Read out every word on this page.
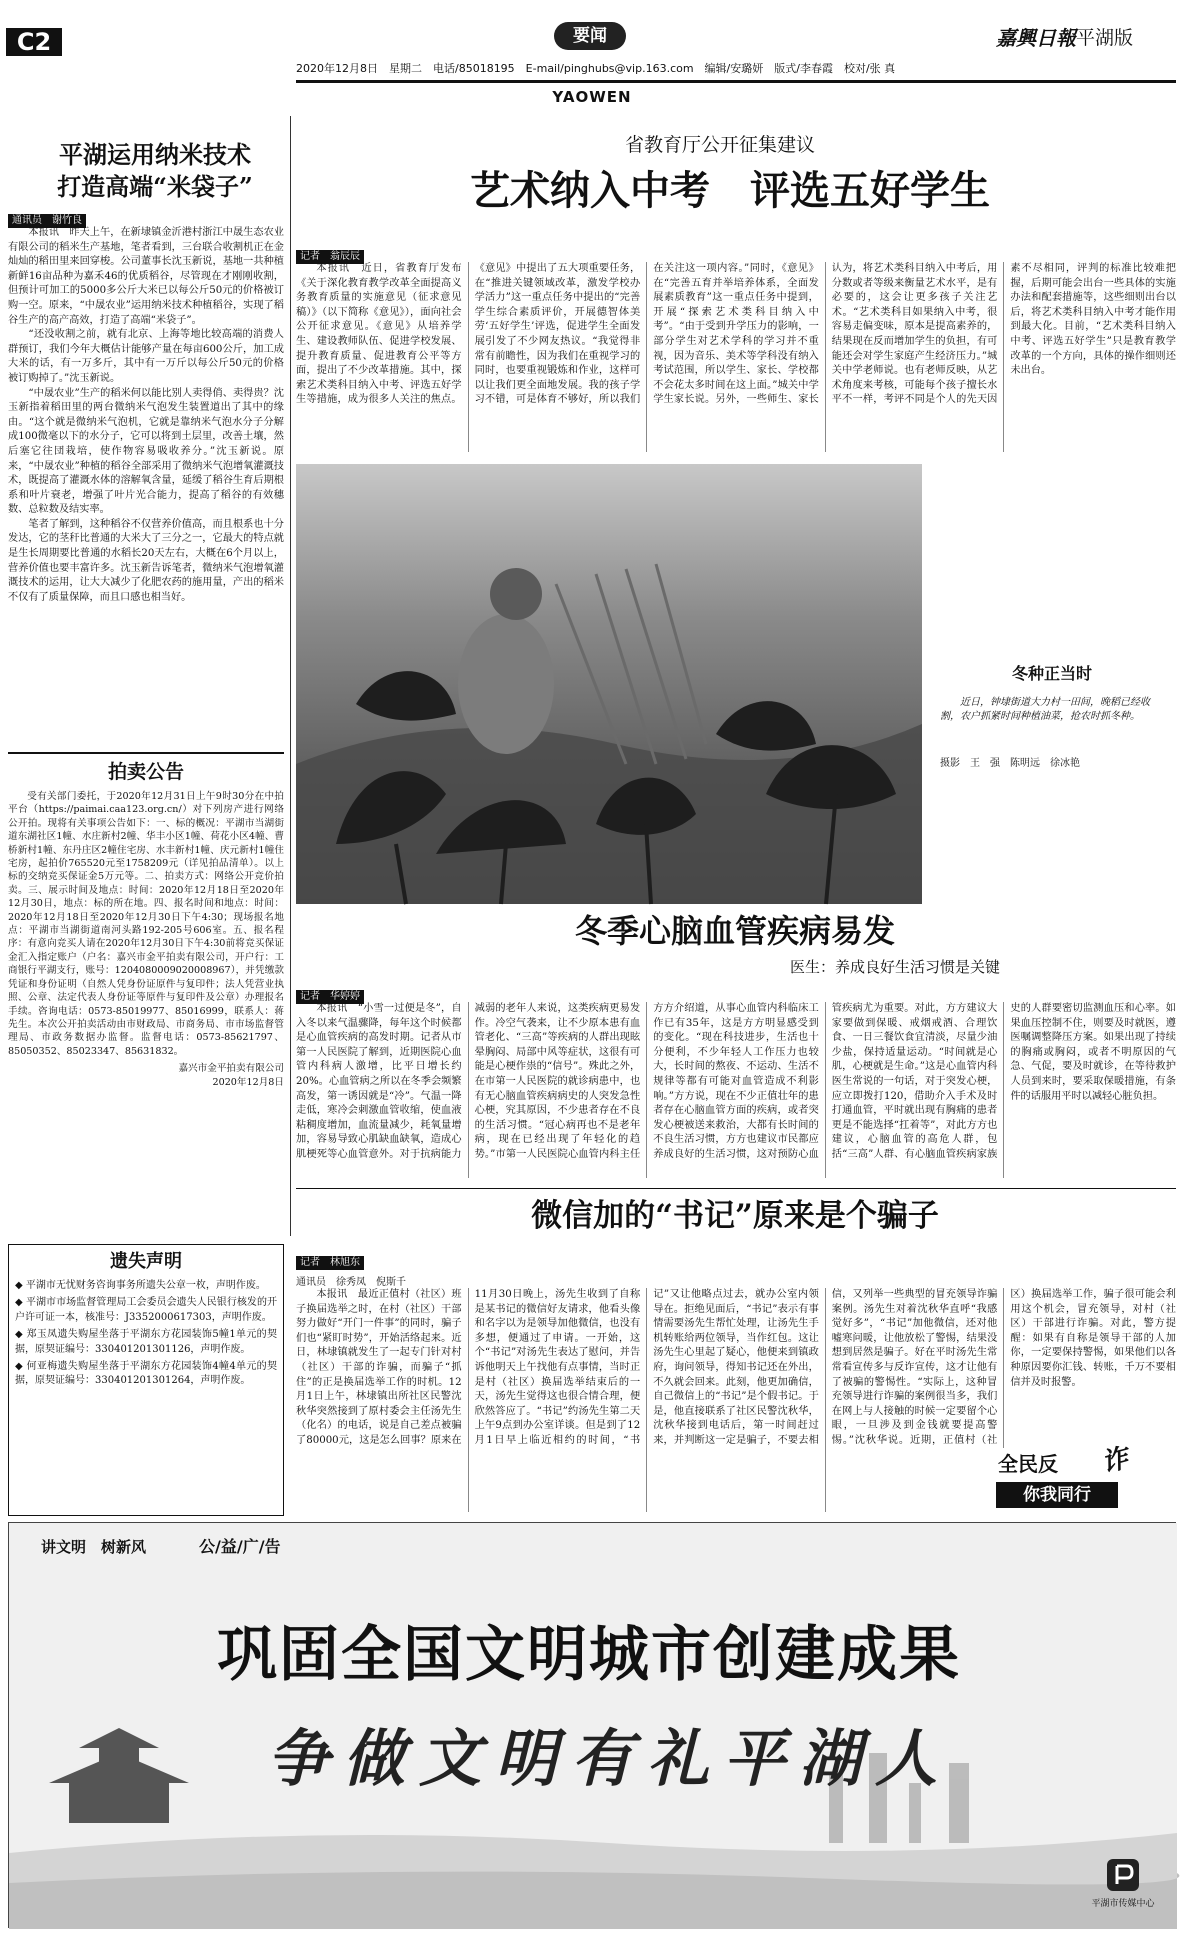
C2	要闻
2020年12月8日　星期二　电话/85018195　E-mail/pinghubs@vip.163.com　编辑/安璐妍　版式/李春霞　校对/张 真
嘉興日報 平湖版
YAOWEN
平湖运用纳米技术
打造高端“米袋子”
通讯员　谢竹良

本报讯　昨天上午，在新埭镇金沂港村浙江中晟生态农业有限公司的稻米生产基地，笔者看到，三台联合收割机正在金灿灿的稻田里来回穿梭。公司董事长沈玉新说，基地一共种植新鲜16亩品种为嘉禾46的优质稻谷，尽管现在才刚刚收割，但预计可加工的5000多公斤大米已以每公斤50元的价格被订购一空。原来，“中晟农业”运用纳米技术种植稻谷，实现了稻谷生产的高产高效，打造了高端“米袋子”。

“还没收割之前，就有北京、上海等地比较高端的消费人群预订，我们今年大概估计能够产量在每亩600公斤，加工成大米的话，有一万多斤，其中有一万斤以每公斤50元的价格被订购掉了。”沈玉新说。

“中晟农业”生产的稻米何以能比别人卖得俏、卖得贵？沈玉新指着稻田里的两台微纳米气泡发生装置道出了其中的缘由。“这个就是微纳米气泡机，它就是靠纳米气泡水分子分解成100微毫以下的水分子，它可以将到土层里，改善土壤，然后塞它往団栽培，使作物容易吸收养分。”沈玉新说。原来，“中晟农业”种植的稻谷全部采用了微纳米气泡增氧灌溉技术，既提高了灌溉水体的溶解氧含量，延缓了稻谷生育后期根系和叶片衰老，增强了叶片光合能力，提高了稻谷的有效穗数、总粒数及结实率。

笔者了解到，这种稻谷不仅营养价值高，而且根系也十分发达，它的茎秆比普通的大米大了三分之一，它最大的特点就是生长周期要比普通的水稻长20天左右，大概在6个月以上，营养价值也要丰富许多。沈玉新告诉笔者，微纳米气泡增氧灌溉技术的运用，让大大减少了化肥农药的施用量，产出的稻米不仅有了质量保障，而且口感也相当好。

拍卖公告

受有关部门委托，于2020年12月31日上午9时30分在中拍平台（https://paimai.caa123.org.cn/）对下列房产进行网络公开拍。现将有关事项公告如下：一、标的概况：平湖市当湖街道东湖社区1幢、水庄新村2幢、华丰小区1幢、荷花小区4幢、曹桥新村1幢、东丹庄区2幢住宅房、水丰新村1幢、庆元新村1幢住宅房，起拍价765520元至1758209元（详见拍品清单）。以上标的交纳竞买保证金5万元等。二、拍卖方式：网络公开竞价拍卖。三、展示时间及地点：时间：2020年12月18日至2020年12月30日，地点：标的所在地。四、报名时间和地点：时间：2020年12月18日至2020年12月30日下午4:30；现场报名地点：平湖市当湖街道南河头路192-205号606室。五、报名程序：有意向竞买人请在2020年12月30日下午4:30前将竞买保证金汇入指定账户（户名：嘉兴市金平拍卖有限公司，开户行：工商银行平湖支行，账号：1204080009020008967），并凭缴款凭证和身份证明（自然人凭身份证原件与复印件；法人凭营业执照、公章、法定代表人身份证等原件与复印件及公章）办理报名手续。咨询电话：0573-85019977、85016999，联系人：蒋先生。本次公开拍卖活动由市财政局、市商务局、市市场监督管理局、市政务数据办监督。监督电话：0573-85621797、85050352、85023347、85631832。

嘉兴市金平拍卖有限公司
2020年12月8日
遗失声明
◆ 平湖市无忧财务咨询事务所遗失公章一枚，声明作废。
◆ 平湖市市场监督管理局工会委员会遗失人民银行核发的开户许可证一本，核准号：J3352000617303，声明作废。
◆ 郑玉凤遗失购屋坐落于平湖东方花园装饰5幢1单元的契据，原契证编号：330401201301126，声明作废。
◆ 何亚梅遗失购屋坐落于平湖东方花园装饰4幢4单元的契据，原契证编号：330401201301264，声明作废。
省教育厅公开征集建议
艺术纳入中考　评选五好学生
记者　翁辰辰

本报讯　近日，省教育厅发布《关于深化教育教学改革全面提高义务教育质量的实施意见（征求意见稿）》（以下简称《意见》），面向社会公开征求意见。《意见》从培养学生、建设教师队伍、促进学校发展、提升教育质量、促进教育公平等方面，提出了不少改革措施。其中，探索艺术类科目纳入中考、评选五好学生等措施，成为很多人关注的焦点。《意见》中提出了五大项重要任务，在“推进关键领域改革，激发学校办学活力”这一重点任务中提出的“完善学生综合素质评价，开展德智体美劳‘五好学生’评选，促进学生全面发展引发了不少网友热议。“我觉得非常有前瞻性，因为我们在重视学习的同时，也要重视锻炼和作业，这样可以让我们更全面地发展。我的孩子学习不错，可是体育不够好，所以我们在关注这一项内容。”同时，《意见》在“完善五育并举培养体系，全面发展素质教育”这一重点任务中提到，开展“探索艺术类科目纳入中考”。“由于受到升学压力的影响，一部分学生对艺术学科的学习并不重视，因为音乐、美术等学科没有纳入考试范围，所以学生、家长、学校都不会花太多时间在这上面。”城关中学学生家长说。另外，一些师生、家长认为，将艺术类科目纳入中考后，用分数或者等级来衡量艺术水平，是有必要的，这会让更多孩子关注艺术。“艺术类科目如果纳入中考，很容易走偏变味，原本是提高素养的，结果现在反而增加学生的负担，有可能还会对学生家庭产生经济压力。”城关中学老师说。也有老师反映，从艺术角度来考核，可能每个孩子擅长水平不一样，考评不同是个人的先天因素不尽相同，评判的标准比较难把握，后期可能会出台一些具体的实施办法和配套措施等，这些细则出台以后，将艺术类科目纳入中考才能作用到最大化。目前，“艺术类科目纳入中考、评选五好学生”只是教育教学改革的一个方向，具体的操作细则还未出台。

冬种正当时
近日，钟埭街道大力村一田间，晚稻已经收割，农户抓紧时间种植油菜，抢农时抓冬种。
摄影　王　强　陈明远　徐冰艳
冬季心脑血管疾病易发
医生：养成良好生活习惯是关键
记者　华婷婷

本报讯　“小雪一过便是冬”，自入冬以来气温骤降，每年这个时候都是心血管疾病的高发时期。记者从市第一人民医院了解到，近期医院心血管内科病人激增，比平日增长约20%。心血管病之所以在冬季会频繁高发，第一诱因就是“冷”。气温一降走低，寒冷会刺激血管收缩，使血液粘稠度增加，血流量减少，耗氧量增加，容易导致心肌缺血缺氧，造成心肌梗死等心血管意外。对于抗病能力减弱的老年人来说，这类疾病更易发作。冷空气袭来，让不少原本患有血管老化、“三高”等疾病的人群出现眩晕胸闷、局部中风等症状，这很有可能是心梗作祟的“信号”。殊此之外，在市第一人民医院的就诊病患中，也有无心脑血管疾病病史的人突发急性心梗，究其原因，不少患者存在不良的生活习惯。“冠心病再也不是老年病，现在已经出现了年轻化的趋势。”市第一人民医院心血管内科主任方方介绍道，从事心血管内科临床工作已有35年，这是方方明显感受到的变化。“现在科技进步，生活也十分便利，不少年轻人工作压力也较大，长时间的熬夜、不运动、生活不规律等都有可能对血管造成不利影响。”方方说，现在不少正值壮年的患者存在心脑血管方面的疾病，或者突发心梗被送来救治，大都有长时间的不良生活习惯，方方也建议市民都应养成良好的生活习惯，这对预防心血管疾病尤为重要。对此，方方建议大家要做到保暖、戒烟戒酒、合理饮食、一日三餐饮食宜清淡，尽量少油少盐，保持适量运动。“时间就是心肌，心梗就是生命。”这是心血管内科医生常说的一句话，对于突发心梗，应立即拨打120，借助介入手术及时打通血管，平时就出现有胸痛的患者更是不能选择“扛着等”，对此方方也建议，心脑血管的高危人群，包括“三高”人群、有心脑血管疾病家族史的人群要密切监测血压和心率。如果血压控制不住，则要及时就医，遵医嘱调整降压方案。如果出现了持续的胸痛或胸闷，或者不明原因的气急、气促，要及时就诊，在等待救护人员到来时，要采取保暖措施，有条件的话服用平时以减轻心脏负担。

微信加的“书记”原来是个骗子
记者　林旭东
通讯员　徐秀凤　倪斯千

本报讯　最近正值村（社区）班子换届选举之时，在村（社区）干部努力做好“开门一件事”的同时，骗子们也“紧盯时势”，开始活络起来。近日，林埭镇就发生了一起专门针对村（社区）干部的诈骗，而骗子“抓住”的正是换届选举工作的时机。12月1日上午，林埭镇出所社区民警沈秋华突然接到了原村委会主任汤先生（化名）的电话，说是自己差点被骗了80000元，这是怎么回事？原来在11月30日晚上，汤先生收到了自称是某书记的微信好友请求，他看头像和名字以为是领导加他微信，也没有多想，便通过了申请。一开始，这个“书记”对汤先生表达了慰问，并告诉他明天上午找他有点事情，当时正是村（社区）换届选举结束后的一天，汤先生觉得这也很合情合理，便欣然答应了。“书记”约汤先生第二天上午9点到办公室详谈。但是到了12月1日早上临近相约的时间，“书记”又让他略点过去，就办公室内领导在。拒绝见面后，“书记”表示有事情需要汤先生帮忙处理，让汤先生手机转账给两位领导，当作红包。这让汤先生心里起了疑心，他便来到镇政府，询问领导，得知书记还在外出，不久就会回来。此刻，他更加确信，自己微信上的“书记”是个假书记。于是，他直接联系了社区民警沈秋华，沈秋华接到电话后，第一时间赶过来，并判断这一定是骗子，不要去相信，又列举一些典型的冒充领导诈骗案例。汤先生对着沈秋华直呼“我感觉好多”，“书记”加他微信，还对他嘘寒问暖，让他放松了警惕，结果没想到居然是骗子。好在平时汤先生常常看宣传多与反诈宣传，这才让他有了被骗的警惕性。“实际上，这种冒充领导进行诈骗的案例很当多，我们在网上与人接触的时候一定要留个心眼，一旦涉及到金钱就要提高警惕。”沈秋华说。近期，正值村（社区）换届选举工作，骗子很可能会利用这个机会，冒充领导，对村（社区）干部进行诈骗。对此，警方提醒：如果有自称是领导干部的人加你，一定要保持警惕，如果他们以各种原因要你汇钱、转账，千万不要相信并及时报警。

全民反 诈
你我同行
讲文明　树新风	公/益/广/告
巩固全国文明城市创建成果
争做文明有礼平湖人
平湖市传媒中心
